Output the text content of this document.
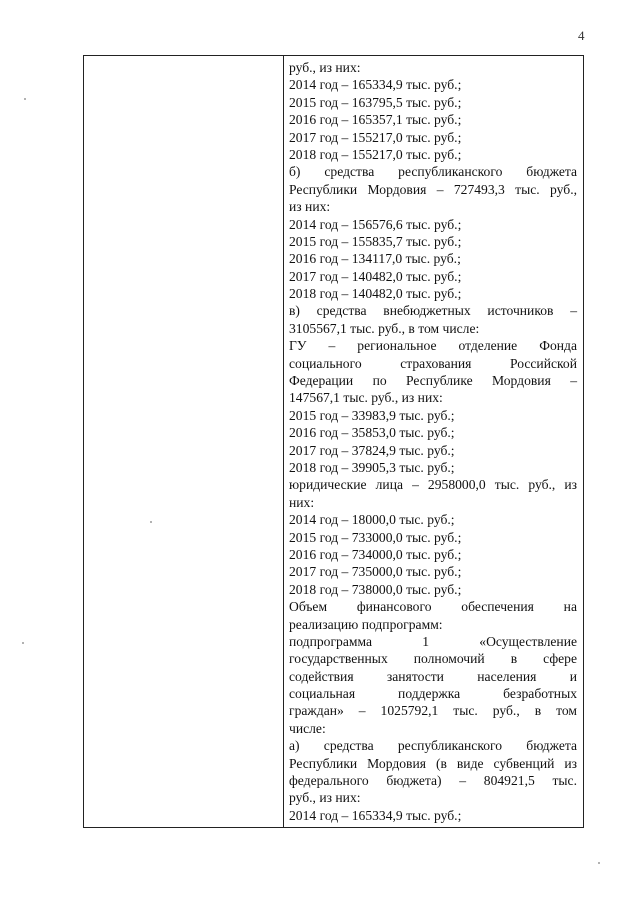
4
руб., из них:
2014 год – 165334,9 тыс. руб.;
2015 год – 163795,5 тыс. руб.;
2016 год – 165357,1 тыс. руб.;
2017 год – 155217,0 тыс. руб.;
2018 год – 155217,0 тыс. руб.;
б) средства республиканского бюджета
Республики Мордовия – 727493,3 тыс. руб.,
из них:
2014 год – 156576,6 тыс. руб.;
2015 год – 155835,7 тыс. руб.;
2016 год – 134117,0 тыс. руб.;
2017 год – 140482,0 тыс. руб.;
2018 год – 140482,0 тыс. руб.;
в) средства внебюджетных источников –
3105567,1 тыс. руб., в том числе:
ГУ – региональное отделение Фонда
социального страхования Российской
Федерации по Республике Мордовия –
147567,1 тыс. руб., из них:
2015 год – 33983,9 тыс. руб.;
2016 год – 35853,0 тыс. руб.;
2017 год – 37824,9 тыс. руб.;
2018 год – 39905,3 тыс. руб.;
юридические лица – 2958000,0 тыс. руб., из
них:
2014 год – 18000,0 тыс. руб.;
2015 год – 733000,0 тыс. руб.;
2016 год – 734000,0 тыс. руб.;
2017 год – 735000,0 тыс. руб.;
2018 год – 738000,0 тыс. руб.;
Объем финансового обеспечения на
реализацию подпрограмм:
подпрограмма 1 «Осуществление
государственных полномочий в сфере
содействия занятости населения и
социальная поддержка безработных
граждан» – 1025792,1 тыс. руб., в том
числе:
а) средства республиканского бюджета
Республики Мордовия (в виде субвенций из
федерального бюджета) – 804921,5 тыс.
руб., из них:
2014 год – 165334,9 тыс. руб.;
